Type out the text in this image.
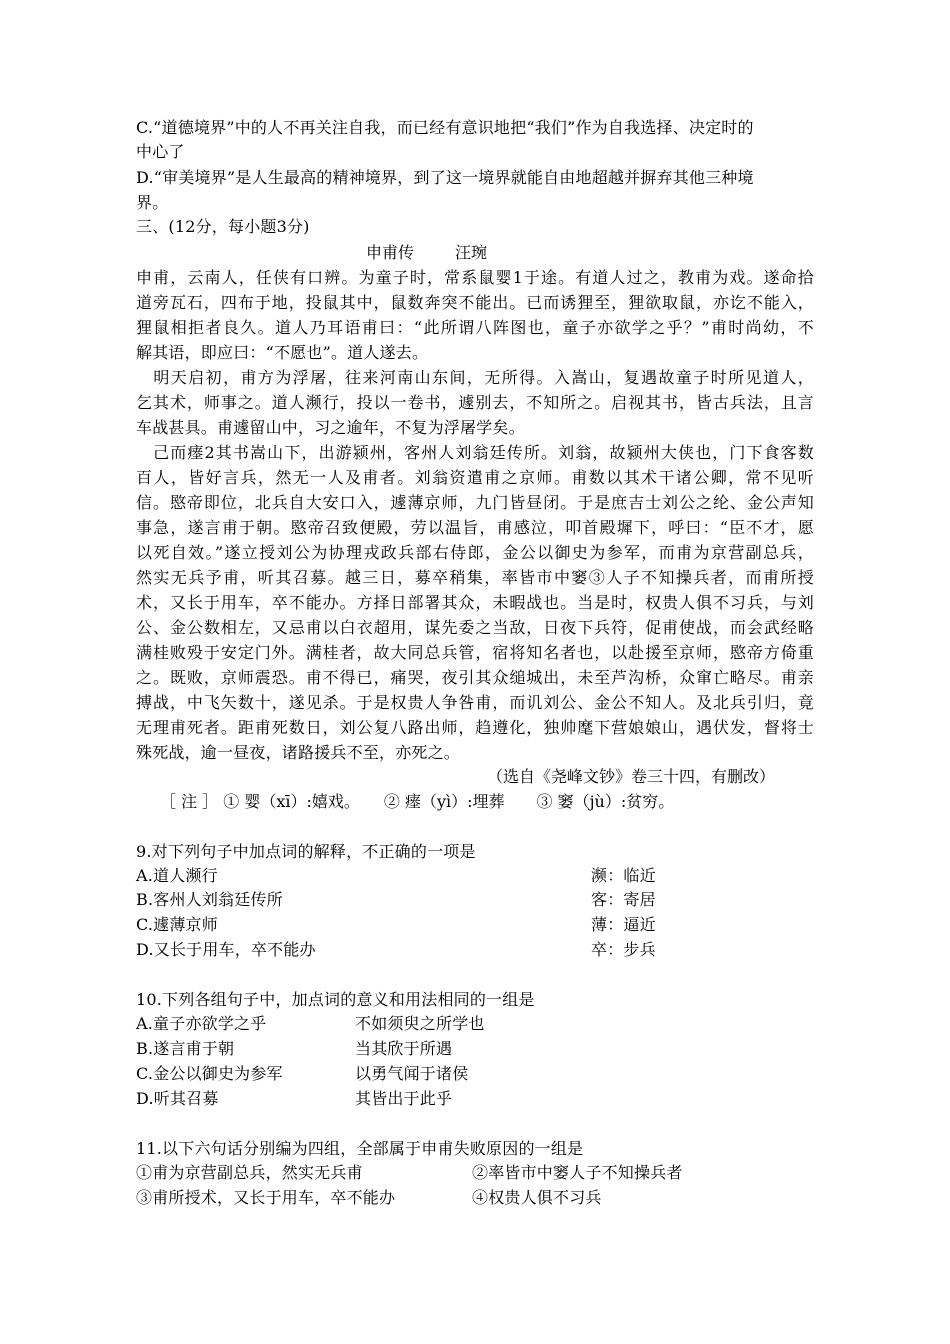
C.“道德境界”中的人不再关注自我，而已经有意识地把“我们”作为自我选择、决定时的
中心了
D.“审美境界”是人生最高的精神境界，到了这一境界就能自由地超越并摒弃其他三种境
界。
三、(12分，每小题3分)
申甫传	汪琬
申甫，云南人，任侠有口辨。为童子时，常系鼠婴1于途。有道人过之，教甫为戏。遂命拾
道旁瓦石，四布于地，投鼠其中，鼠数奔突不能出。已而诱狸至，狸欲取鼠，亦讫不能入，
狸鼠相拒者良久。道人乃耳语甫曰：“此所谓八阵图也，童子亦欲学之乎？”甫时尚幼，不
解其语，即应曰：“不愿也”。道人遂去。
　明天启初，甫方为浮屠，往来河南山东间，无所得。入嵩山，复遇故童子时所见道人，
乞其术，师事之。道人濒行，投以一卷书，遽别去，不知所之。启视其书，皆古兵法，且言
车战甚具。甫遽留山中，习之逾年，不复为浮屠学矣。
　己而瘗2其书嵩山下，出游颍州，客州人刘翁廷传所。刘翁，故颍州大侠也，门下食客数
百人，皆好言兵，然无一人及甫者。刘翁资遣甫之京师。甫数以其术干诸公卿，常不见听
信。愍帝即位，北兵自大安口入，遽薄京师，九门皆昼闭。于是庶吉士刘公之纶、金公声知
事急，遂言甫于朝。愍帝召致便殿，劳以温旨，甫感泣，叩首殿墀下，呼曰：“臣不才，愿
以死自效。”遂立授刘公为协理戎政兵部右侍郎，金公以御史为参军，而甫为京营副总兵，
然实无兵予甫，听其召募。越三日，募卒稍集，率皆市中窭③人子不知操兵者，而甫所授
术，又长于用车，卒不能办。方择日部署其众，未暇战也。当是时，权贵人俱不习兵，与刘
公、金公数相左，又忌甫以白衣超用，谋先委之当敌，日夜下兵符，促甫使战，而会武经略
满桂败殁于安定门外。满桂者，故大同总兵管，宿将知名者也，以赴援至京师，愍帝方倚重
之。既败，京师震恐。甫不得已，痛哭，夜引其众缒城出，未至芦沟桥，众窜亡略尽。甫亲
搏战，中飞矢数十，遂见杀。于是权贵人争咎甫，而讥刘公、金公不知人。及北兵引归，竟
无理甫死者。距甫死数日，刘公复八路出师，趋遵化，独帅麾下营娘娘山，遇伏发，督将士
殊死战，逾一昼夜，诸路援兵不至，亦死之。
（选自《尧峰文钞》卷三十四，有删改）
［ 注 ］ ① 婴（xī）:嬉戏。　　② 瘗（yì）:埋葬　　③ 窭（jù）:贫穷。
9.对下列句子中加点词的解释，不正确的一项是
A.道人濒行	濒：临近
B.客州人刘翁廷传所	客：寄居
C.遽薄京师	薄：逼近
D.又长于用车，卒不能办	卒：步兵
10.下列各组句子中，加点词的意义和用法相同的一组是
A.童子亦欲学之乎	不如须臾之所学也
B.遂言甫于朝	当其欣于所遇
C.金公以御史为参军	以勇气闻于诸侯
D.听其召募	其皆出于此乎
11.以下六句话分别编为四组，全部属于申甫失败原因的一组是
①甫为京营副总兵，然实无兵甫	②率皆市中窭人子不知操兵者
③甫所授术，又长于用车，卒不能办	④权贵人俱不习兵
